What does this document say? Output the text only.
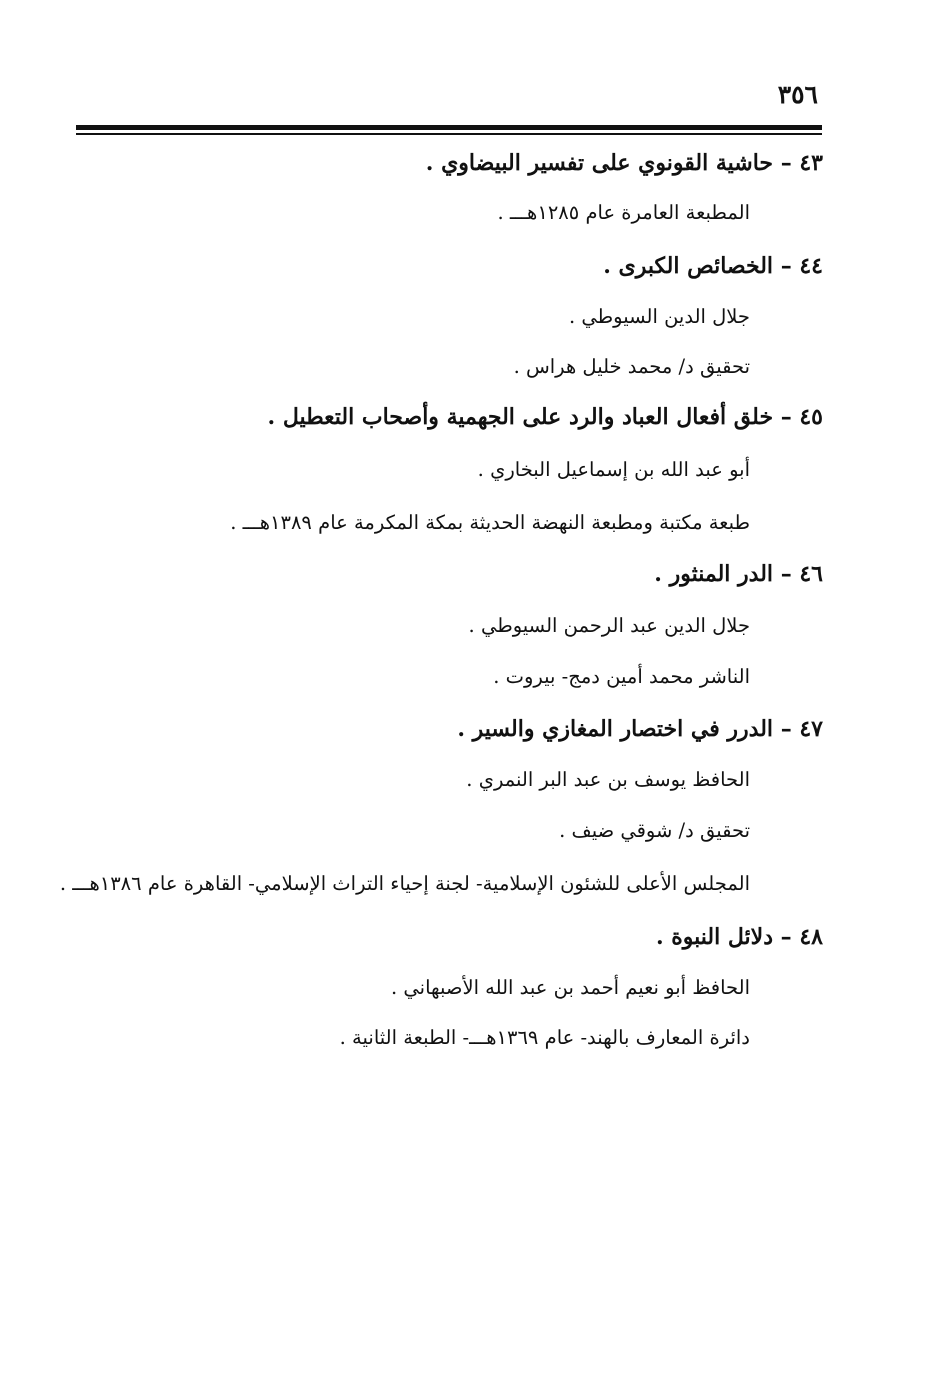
٣٥٦
٤٣ – حاشية القونوي على تفسير البيضاوي .
المطبعة العامرة عام ١٢٨٥هـــ .
٤٤ – الخصائص الكبرى .
جلال الدين السيوطي .
تحقيق د/ محمد خليل هراس .
٤٥ – خلق أفعال العباد والرد على الجهمية وأصحاب التعطيل .
أبو عبد الله بن إسماعيل البخاري .
طبعة مكتبة ومطبعة النهضة الحديثة بمكة المكرمة عام ١٣٨٩هـــ .
٤٦ – الدر المنثور .
جلال الدين عبد الرحمن السيوطي .
الناشر محمد أمين دمج- بيروت .
٤٧ – الدرر في اختصار المغازي والسير .
الحافظ يوسف بن عبد البر النمري .
تحقيق د/ شوقي ضيف .
المجلس الأعلى للشئون الإسلامية- لجنة إحياء التراث الإسلامي- القاهرة عام ١٣٨٦هـــ .
٤٨ – دلائل النبوة .
الحافظ أبو نعيم أحمد بن عبد الله الأصبهاني .
دائرة المعارف بالهند- عام ١٣٦٩هـــ- الطبعة الثانية .
